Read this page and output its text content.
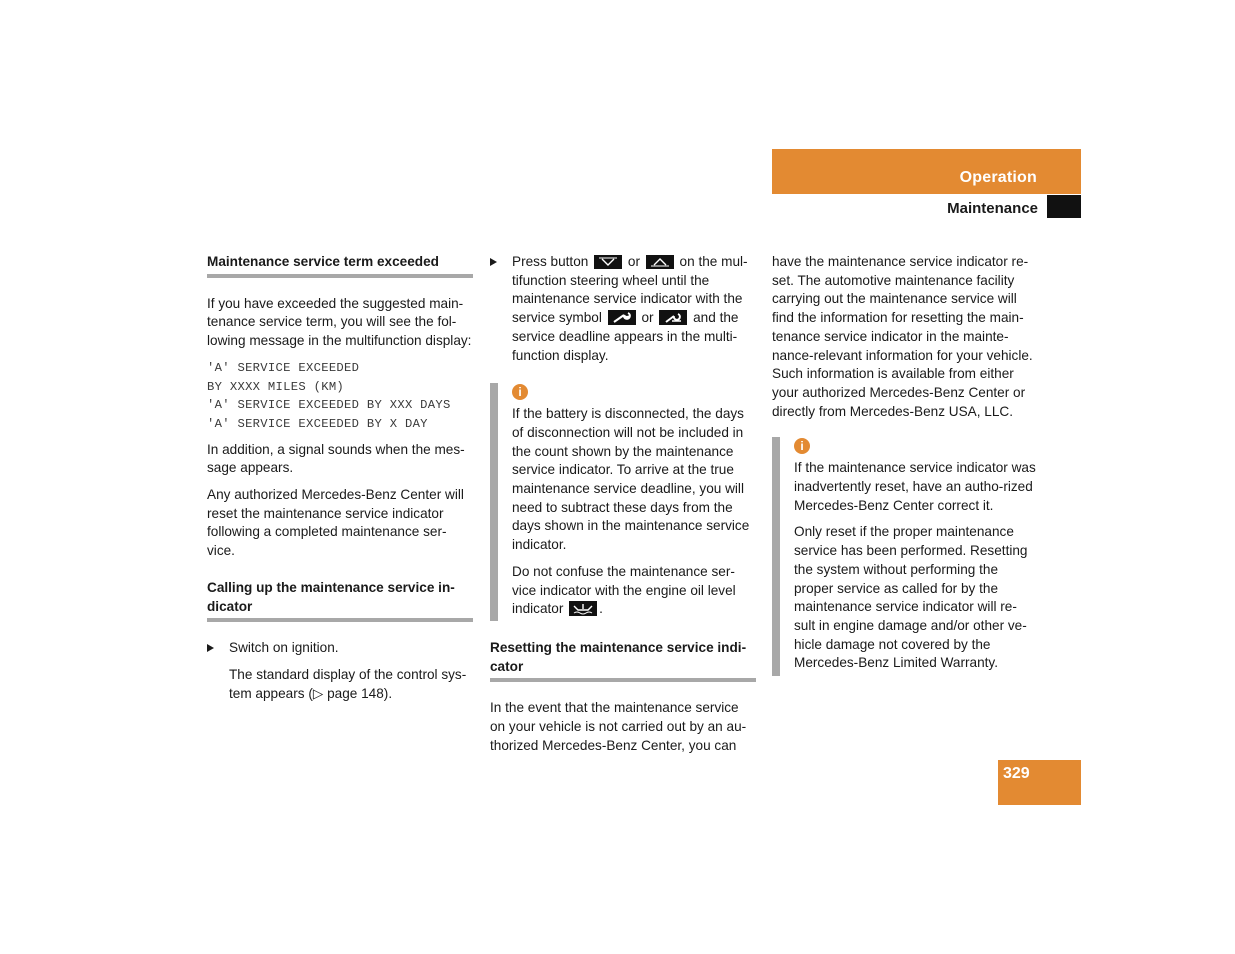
Operation
Maintenance
Maintenance service term exceeded

If you have exceeded the suggested main-tenance service term, you will see the fol-lowing message in the multifunction display:

'A' SERVICE EXCEEDED
BY XXXX MILES (KM)
'A' SERVICE EXCEEDED BY XXX DAYS
'A' SERVICE EXCEEDED BY X DAY

In addition, a signal sounds when the mes-sage appears.

Any authorized Mercedes-Benz Center will reset the maintenance service indicator following a completed maintenance ser-vice.

Calling up the maintenance service in-dicator
Switch on ignition.

The standard display of the control sys-tem appears (▷ page 148).

Press button	or	on the mul-tifunction steering wheel until the maintenance service indicator with the service symbol	or	and the service deadline appears in the multi-function display.
i

If the battery is disconnected, the days of disconnection will not be included in the count shown by the maintenance service indicator. To arrive at the true maintenance service deadline, you will need to subtract these days from the days shown in the maintenance service indicator.

Do not confuse the maintenance ser-vice indicator with the engine oil level indicator	.

Resetting the maintenance service indi-cator

In the event that the maintenance service on your vehicle is not carried out by an au-thorized Mercedes-Benz Center, you can

have the maintenance service indicator re-set. The automotive maintenance facility carrying out the maintenance service will find the information for resetting the main-tenance service indicator in the mainte-nance-relevant information for your vehicle. Such information is available from either your authorized Mercedes-Benz Center or directly from Mercedes-Benz USA, LLC.

i

If the maintenance service indicator was inadvertently reset, have an autho-rized Mercedes-Benz Center correct it.

Only reset if the proper maintenance service has been performed. Resetting the system without performing the proper service as called for by the maintenance service indicator will re-sult in engine damage and/or other ve-hicle damage not covered by the Mercedes-Benz Limited Warranty.

329
